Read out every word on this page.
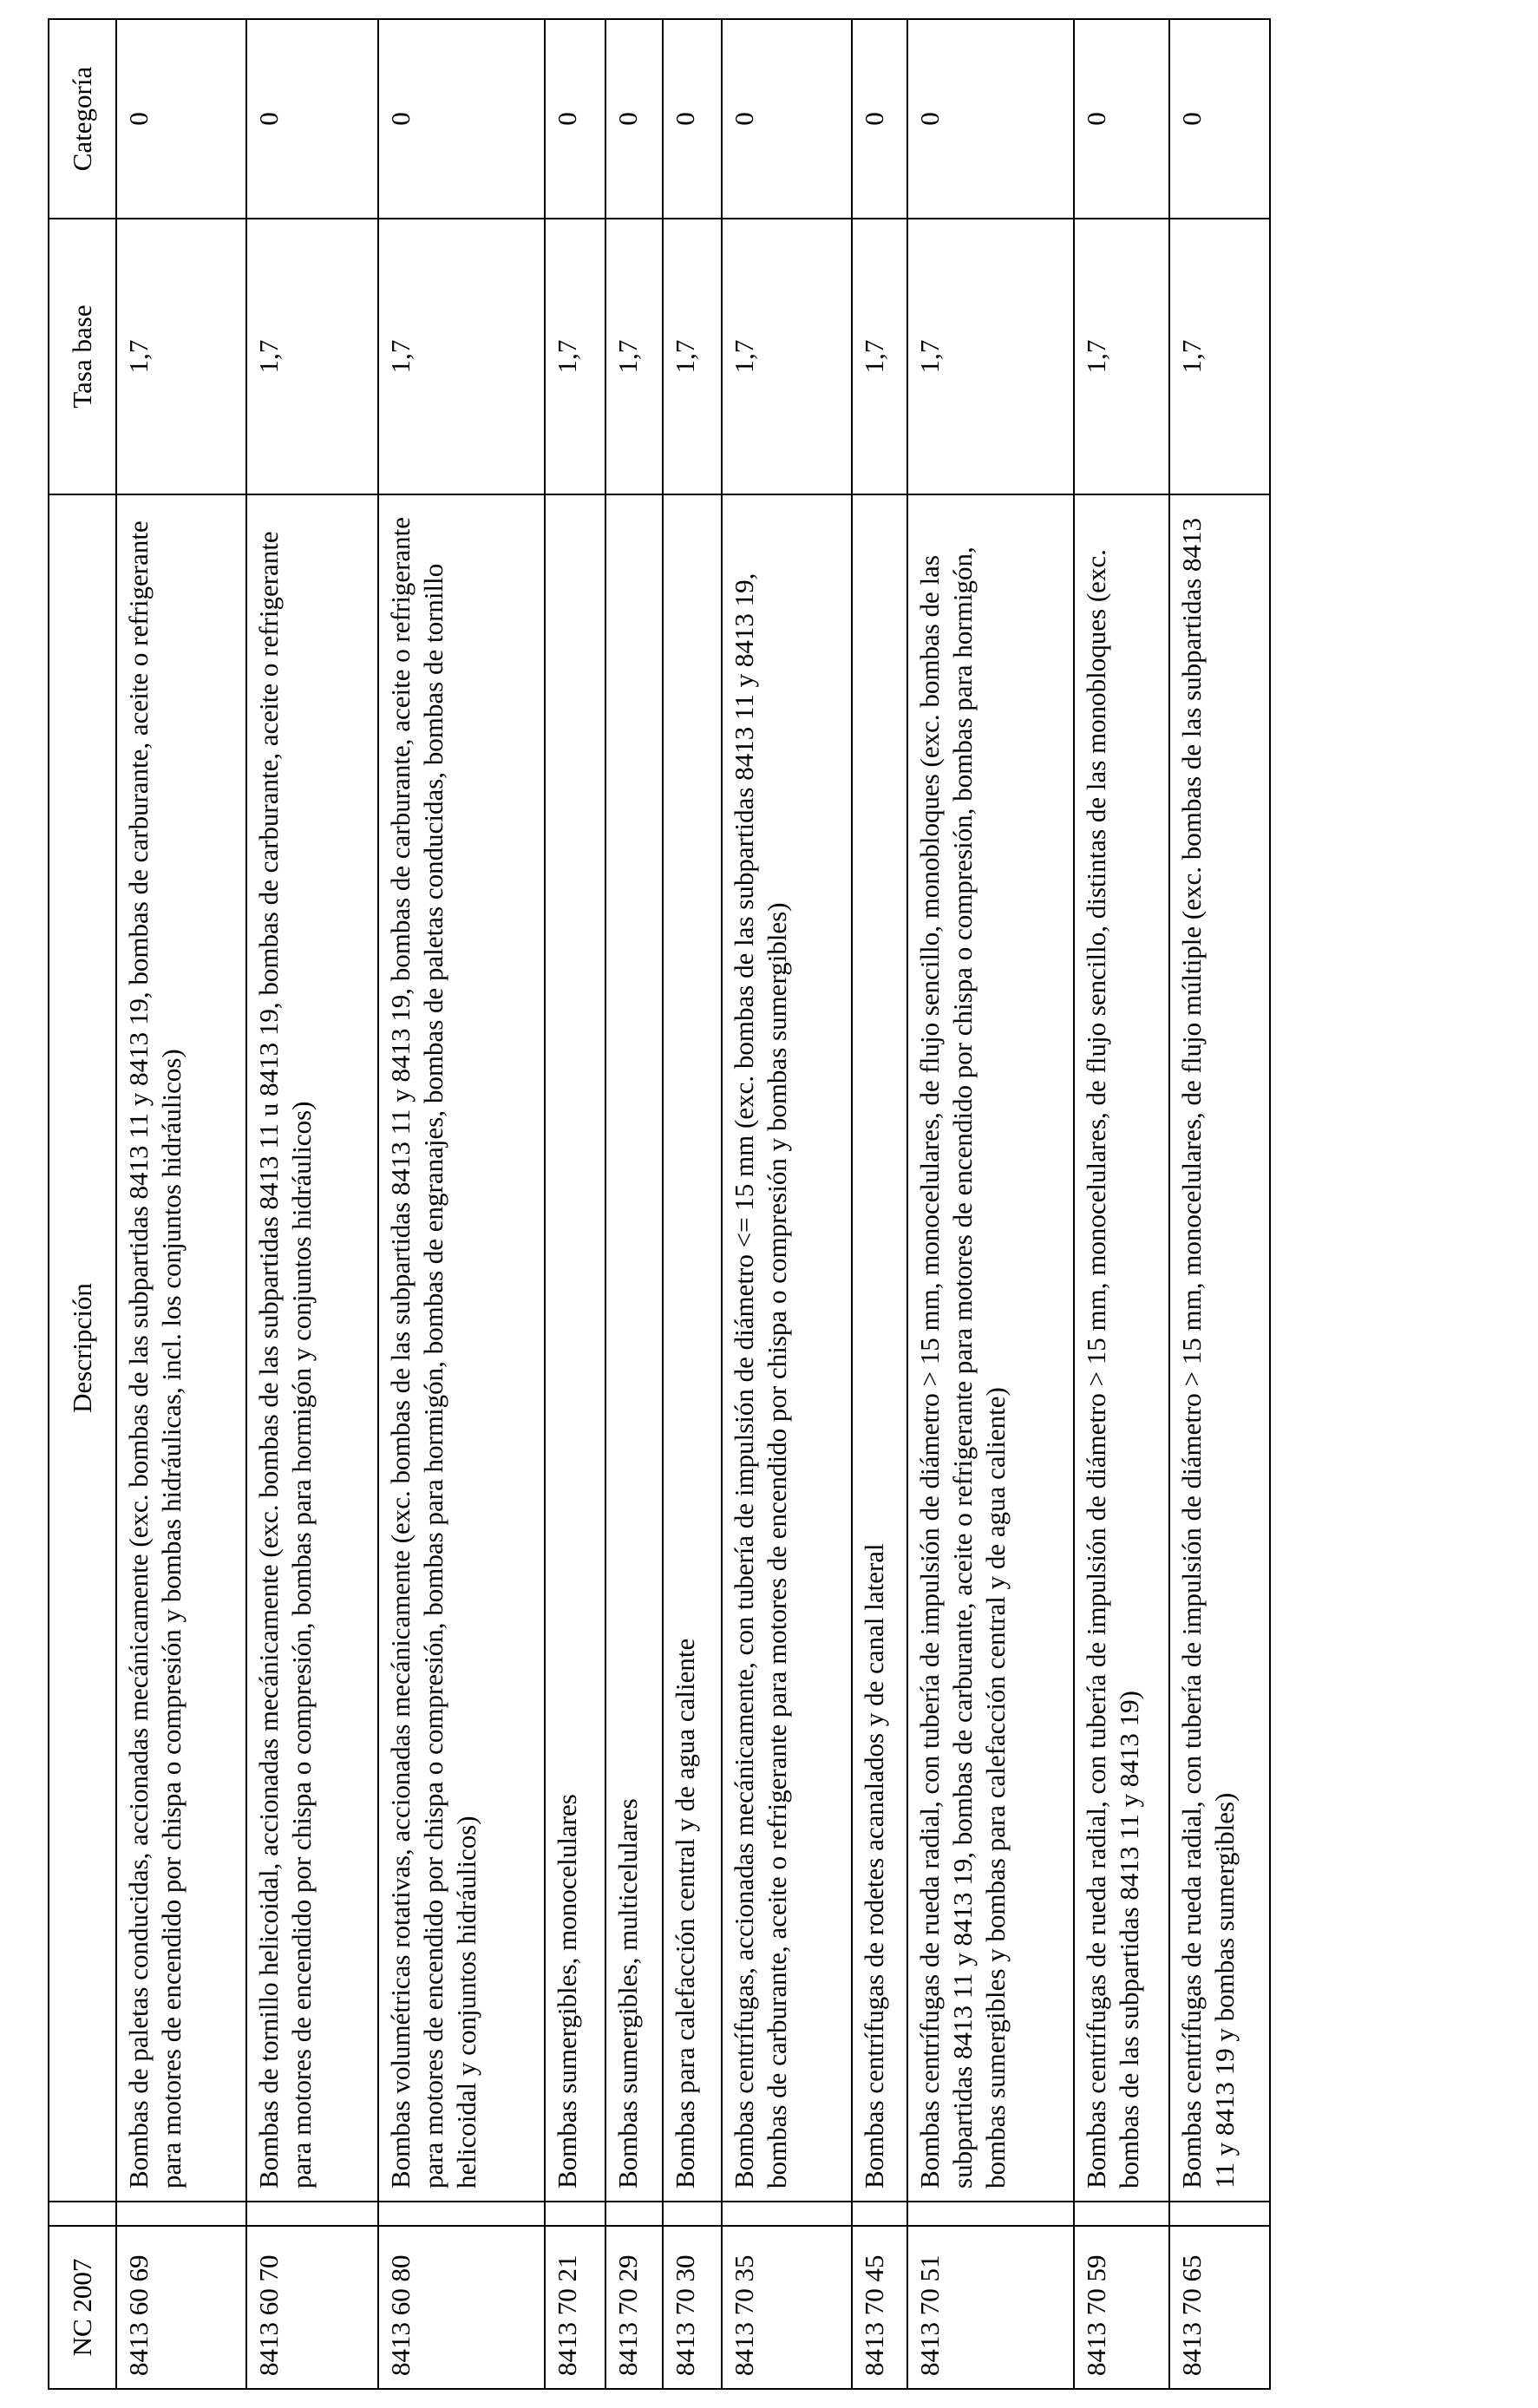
NC 2007		Descripción	Tasa base	Categoría
8413 60 69		Bombas de paletas conducidas, accionadas mecánicamente (exc. bombas de las subpartidas 8413 11 y 8413 19, bombas de carburante, aceite o refrigerante para motores de encendido por chispa o compresión y bombas hidráulicas, incl. los conjuntos hidráulicos)	1,7	0
8413 60 70		Bombas de tornillo helicoidal, accionadas mecánicamente (exc. bombas de las subpartidas 8413 11 u 8413 19, bombas de carburante, aceite o refrigerante para motores de encendido por chispa o compresión, bombas para hormigón y conjuntos hidráulicos)	1,7	0
8413 60 80		Bombas volumétricas rotativas, accionadas mecánicamente (exc. bombas de las subpartidas 8413 11 y 8413 19, bombas de carburante, aceite o refrigerante para motores de encendido por chispa o compresión, bombas para hormigón, bombas de engranajes, bombas de paletas conducidas, bombas de tornillo helicoidal y conjuntos hidráulicos)	1,7	0
8413 70 21		Bombas sumergibles, monocelulares	1,7	0
8413 70 29		Bombas sumergibles, multicelulares	1,7	0
8413 70 30		Bombas para calefacción central y de agua caliente	1,7	0
8413 70 35		Bombas centrífugas, accionadas mecánicamente, con tubería de impulsión de diámetro <= 15 mm (exc. bombas de las subpartidas 8413 11 y 8413 19, bombas de carburante, aceite o refrigerante para motores de encendido por chispa o compresión y bombas sumergibles)	1,7	0
8413 70 45		Bombas centrífugas de rodetes acanalados y de canal lateral	1,7	0
8413 70 51		Bombas centrífugas de rueda radial, con tubería de impulsión de diámetro > 15 mm, monocelulares, de flujo sencillo, monobloques (exc. bombas de las subpartidas 8413 11 y 8413 19, bombas de carburante, aceite o refrigerante para motores de encendido por chispa o compresión, bombas para hormigón, bombas sumergibles y bombas para calefacción central y de agua caliente)	1,7	0
8413 70 59		Bombas centrífugas de rueda radial, con tubería de impulsión de diámetro > 15 mm, monocelulares, de flujo sencillo, distintas de las monobloques (exc. bombas de las subpartidas 8413 11 y 8413 19)	1,7	0
8413 70 65		Bombas centrífugas de rueda radial, con tubería de impulsión de diámetro > 15 mm, monocelulares, de flujo múltiple (exc. bombas de las subpartidas 8413 11 y 8413 19 y bombas sumergibles)	1,7	0
